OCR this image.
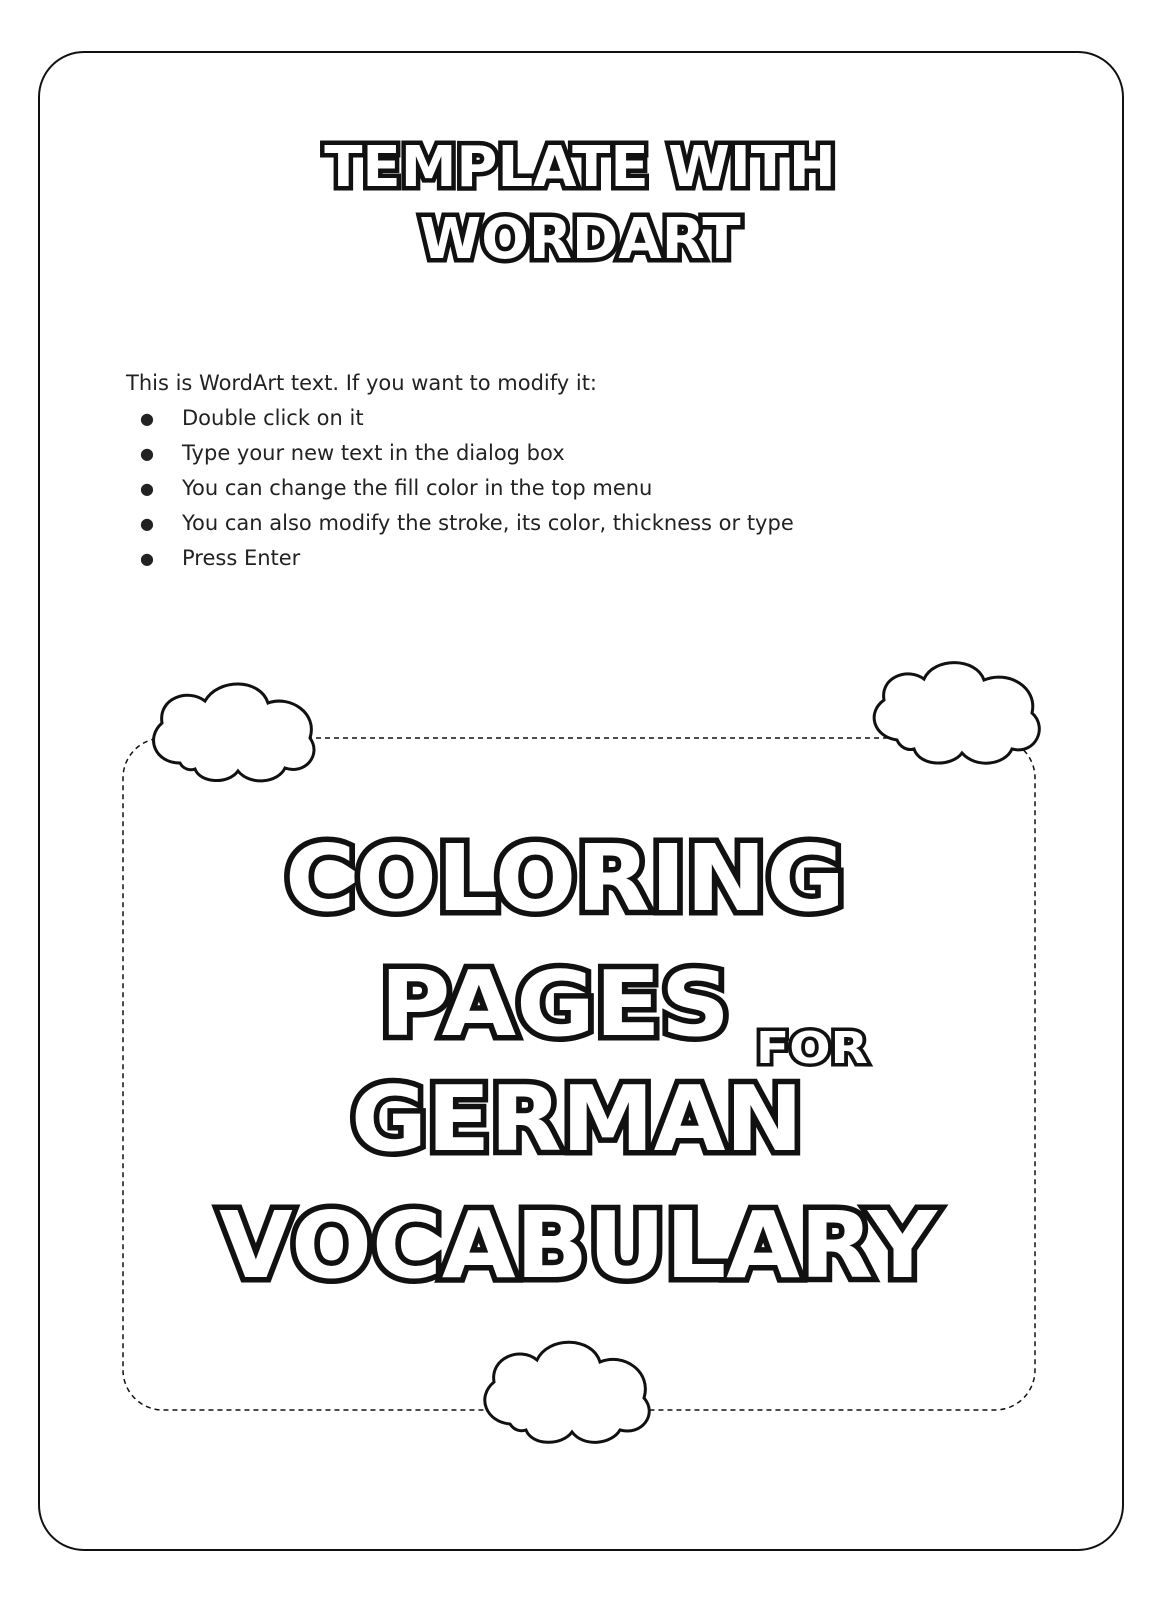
TEMPLATE WITH
WORDART

This is WordArt text. If you want to modify it:

● Double click on it
● Type your new text in the dialog box
● You can change the fill color in the top menu
● You can also modify the stroke, its color, thickness or type
● Press Enter
COLORING
PAGES FOR
GERMAN
VOCABULARY
